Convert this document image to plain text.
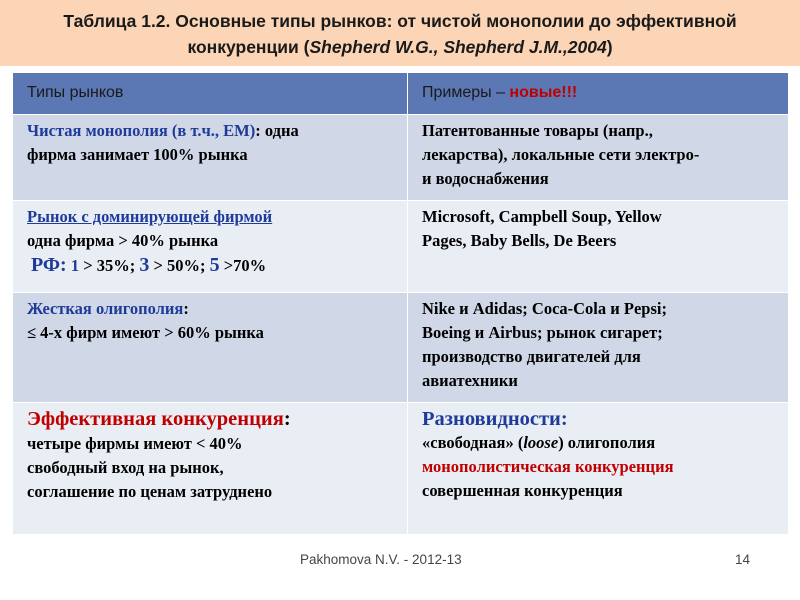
Таблица 1.2. Основные типы рынков: от чистой монополии до эффективной
конкуренции (Shepherd W.G., Shepherd J.M.,2004)
Типы рынков	Примеры – новые!!!

Чистая монополия (в т.ч., ЕМ): одна
фирма занимает 100% рынка	Патентованные товары (напр.,
лекарства), локальные сети электро-
и водоснабжения

Рынок с доминирующей фирмой
одна фирма > 40% рынка
РФ: 1 > 35%; 3 > 50%; 5 >70%	Microsoft, Campbell Soup, Yellow
Pages, Baby Bells, De Beers

Жесткая олигополия:
≤ 4-х фирм имеют > 60% рынка	Nike и Adidas; Coca-Cola и Pepsi;
Boeing и Airbus; рынок сигарет;
производство двигателей для
авиатехники

Эффективная конкуренция:
четыре фирмы имеют < 40%
свободный вход на рынок,
соглашение по ценам затруднено	Разновидности:
«свободная» (loose) олигополия
монополистическая конкуренция
совершенная конкуренция
Pakhomova N.V. - 2012-13	14
